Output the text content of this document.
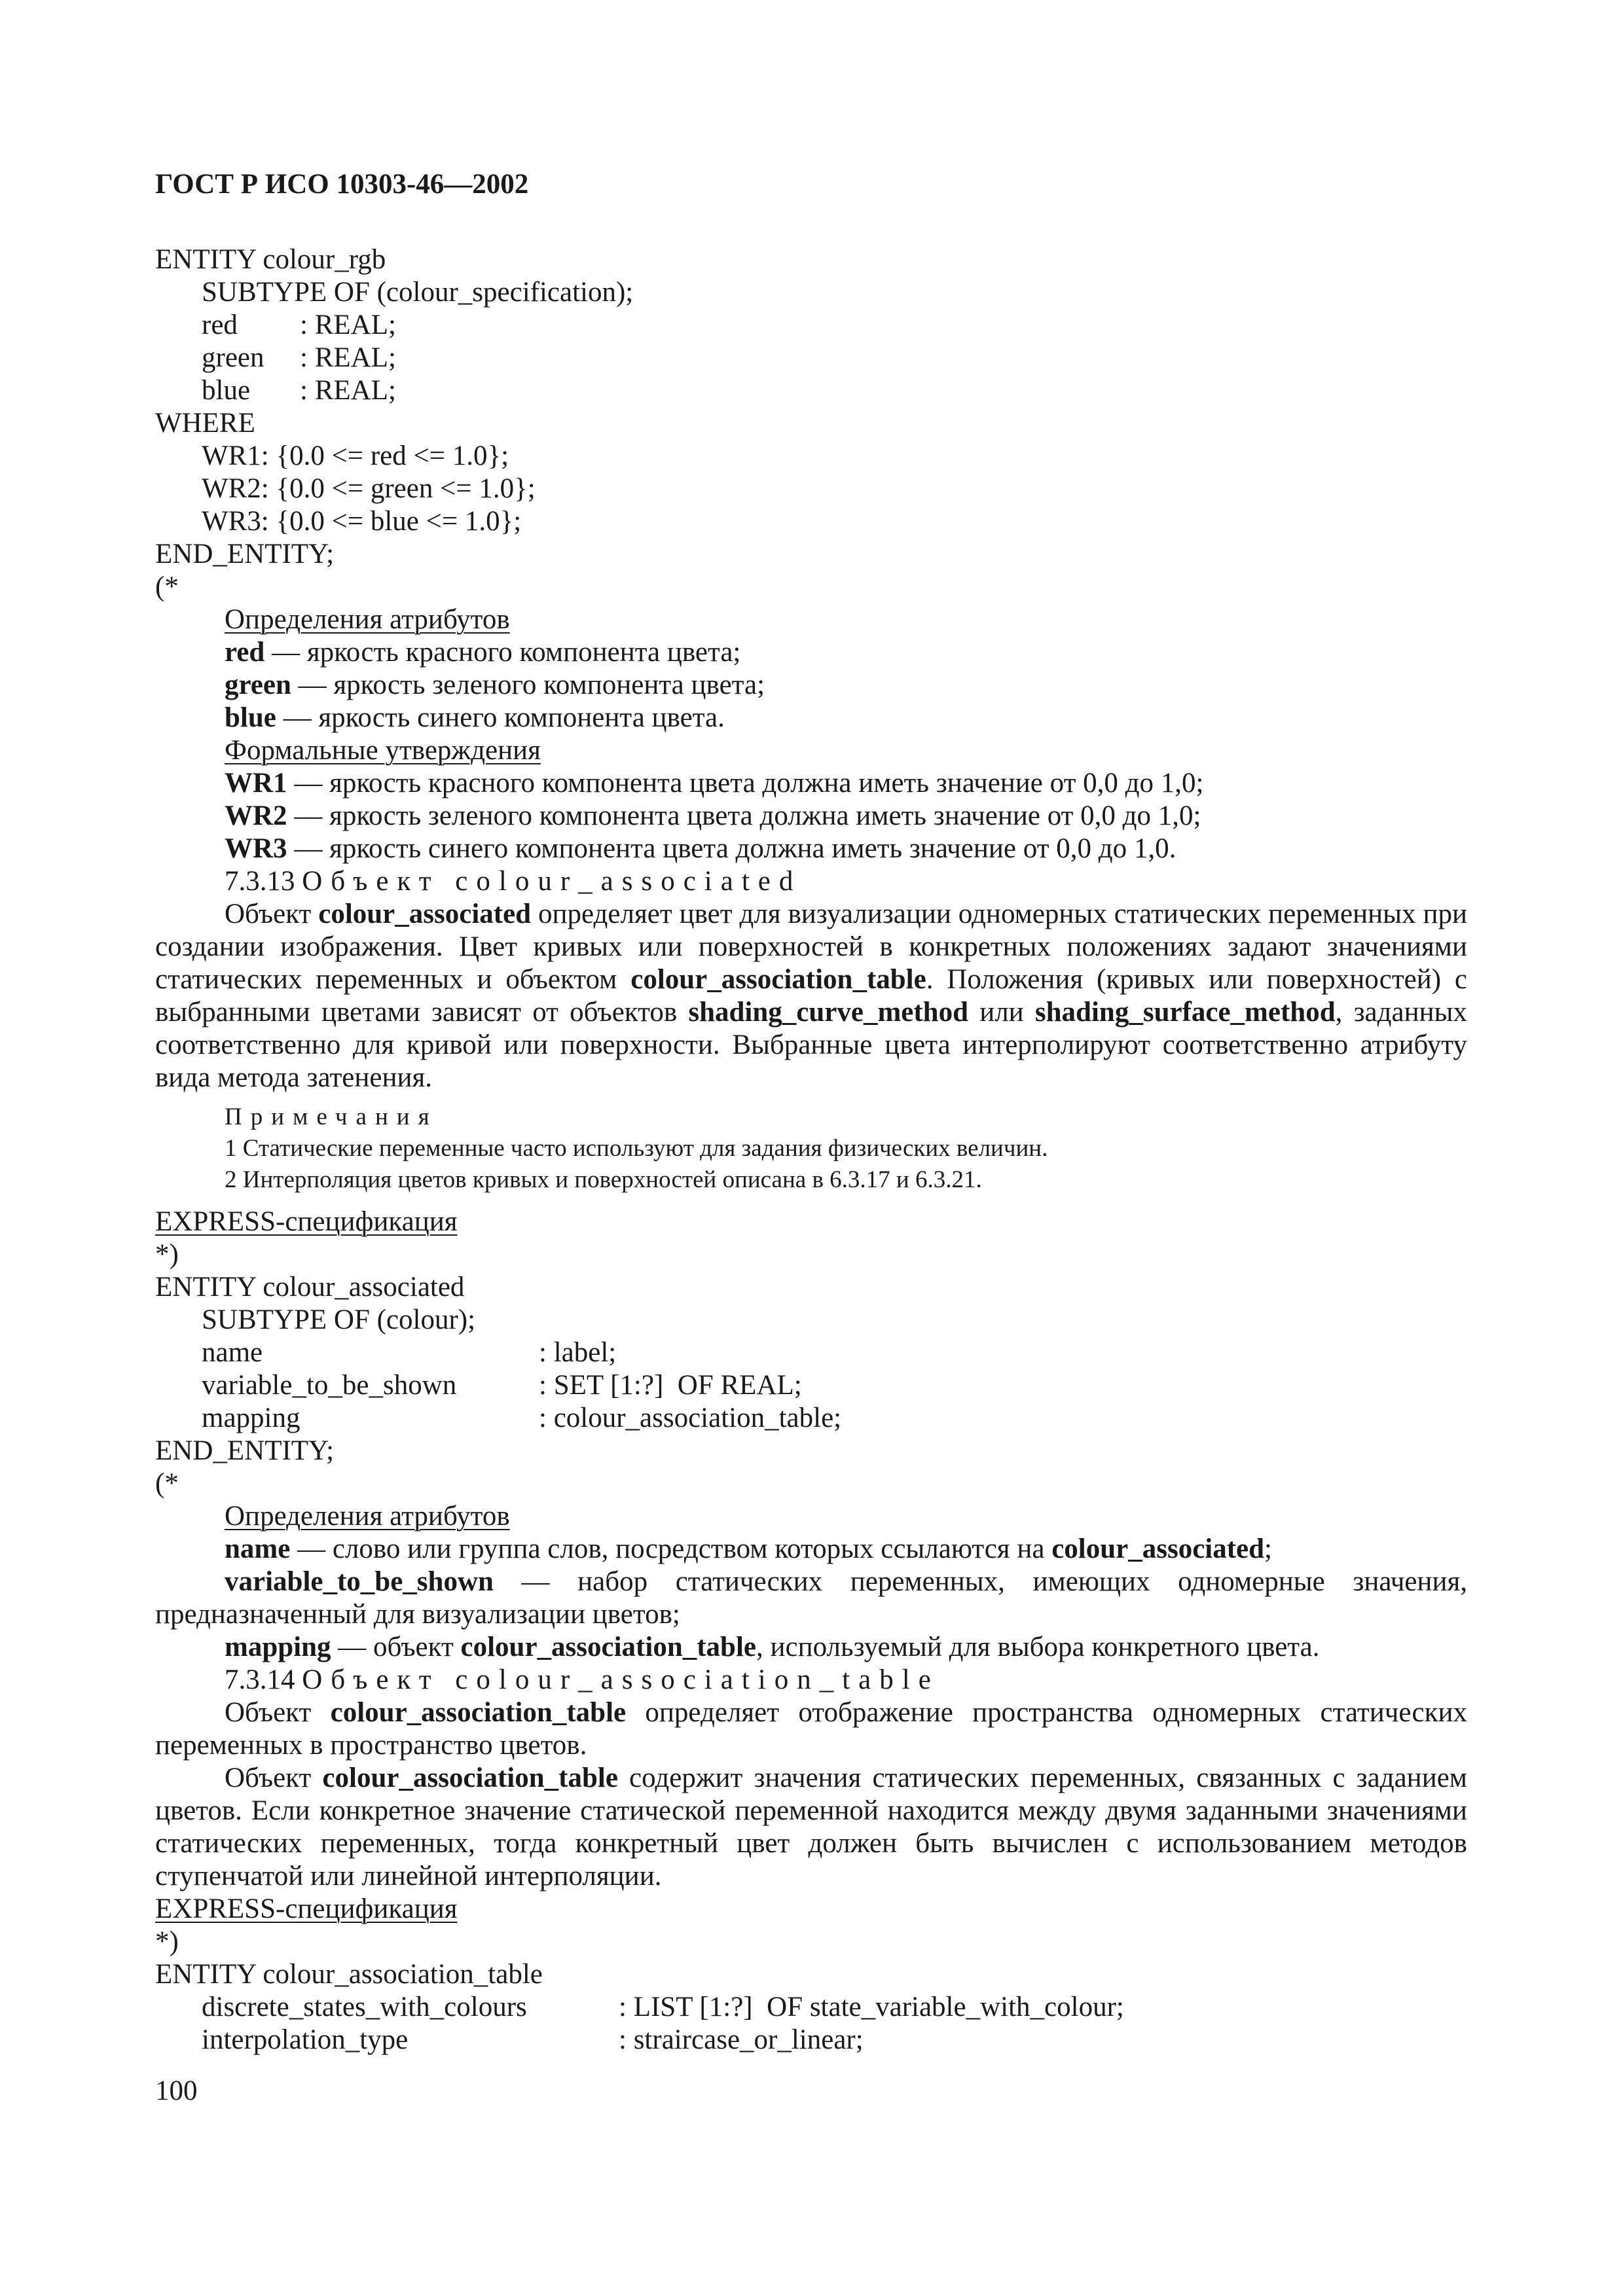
ГОСТ Р ИСО 10303-46—2002
ENTITY colour_rgb
SUBTYPE OF (colour_specification);
red : REAL;
green : REAL;
blue : REAL;
WHERE
WR1: {0.0 <= red <= 1.0};
WR2: {0.0 <= green <= 1.0};
WR3: {0.0 <= blue <= 1.0};
END_ENTITY;
(*
Определения атрибутов
red — яркость красного компонента цвета;
green — яркость зеленого компонента цвета;
blue — яркость синего компонента цвета.
Формальные утверждения
WR1 — яркость красного компонента цвета должна иметь значение от 0,0 до 1,0;
WR2 — яркость зеленого компонента цвета должна иметь значение от 0,0 до 1,0;
WR3 — яркость синего компонента цвета должна иметь значение от 0,0 до 1,0.
7.3.13 Объект colour_associated
Объект colour_associated определяет цвет для визуализации одномерных статических переменных при создании изображения. Цвет кривых или поверхностей в конкретных положениях задают значениями статических переменных и объектом colour_association_table. Положения (кривых или поверхностей) с выбранными цветами зависят от объектов shading_curve_method или shading_surface_method, заданных соответственно для кривой или поверхности. Выбранные цвета интерполируют соответственно атрибуту вида метода затенения.
Примечания
1 Статические переменные часто используют для задания физических величин.
2 Интерполяция цветов кривых и поверхностей описана в 6.3.17 и 6.3.21.
EXPRESS-спецификация
*)
ENTITY colour_associated
SUBTYPE OF (colour);
name	: label;
variable_to_be_shown	: SET [1:?]  OF REAL;
mapping	: colour_association_table;
END_ENTITY;
(*
Определения атрибутов
name — слово или группа слов, посредством которых ссылаются на colour_associated;
variable_to_be_shown — набор статических переменных, имеющих одномерные значения, предназначенный для визуализации цветов;
mapping — объект colour_association_table, используемый для выбора конкретного цвета.
7.3.14 Объект colour_association_table
Объект colour_association_table определяет отображение пространства одномерных статических переменных в пространство цветов.
Объект colour_association_table содержит значения статических переменных, связанных с заданием цветов. Если конкретное значение статической переменной находится между двумя заданными значениями статических переменных, тогда конкретный цвет должен быть вычислен с использованием методов ступенчатой или линейной интерполяции.
EXPRESS-спецификация
*)
ENTITY colour_association_table
discrete_states_with_colours	: LIST [1:?]  OF state_variable_with_colour;
interpolation_type	: straircase_or_linear;
100
